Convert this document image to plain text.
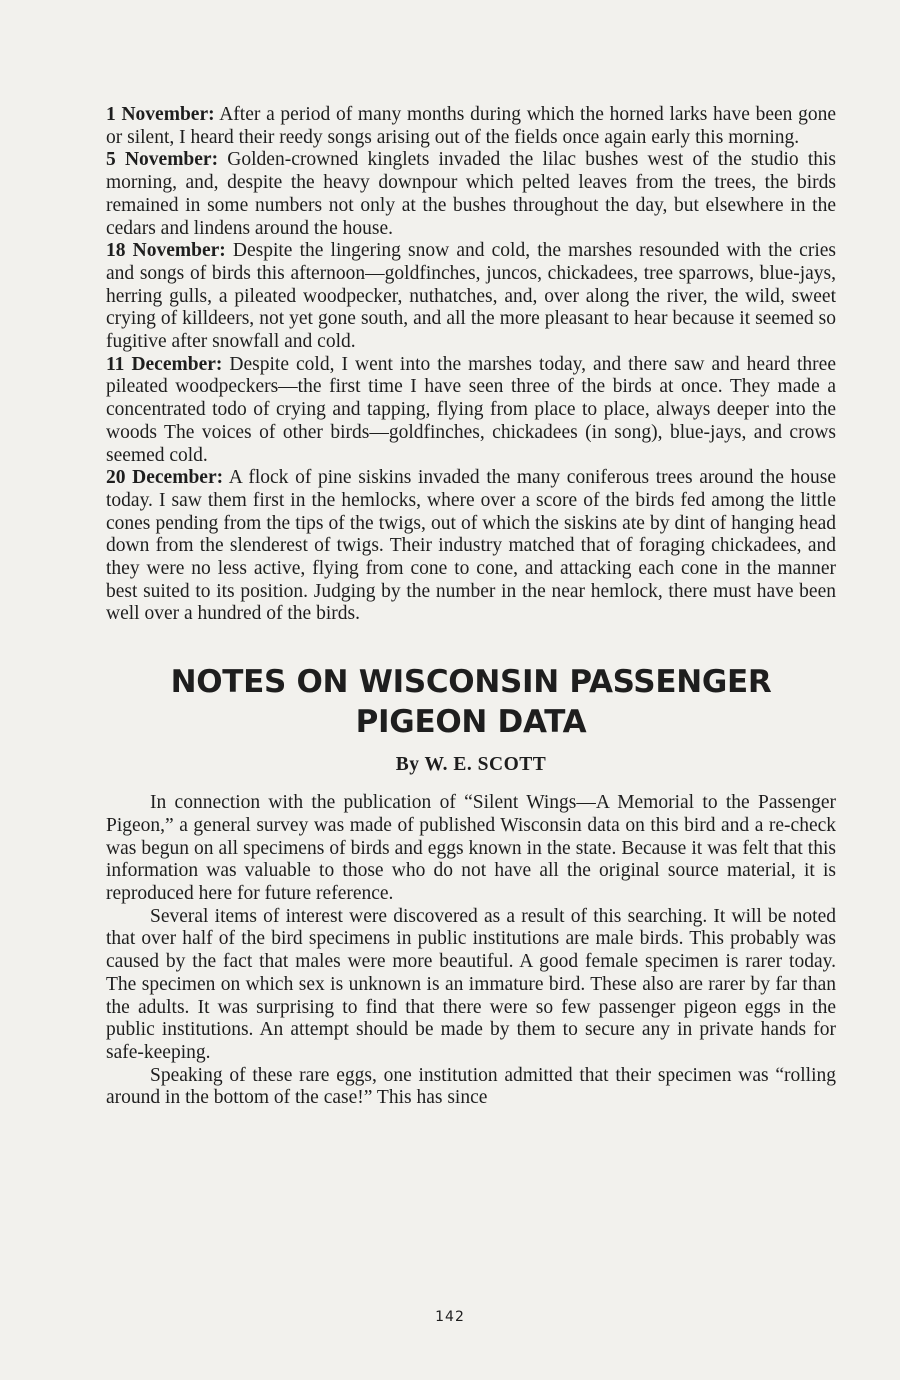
1 November: After a period of many months during which the horned larks have been gone or silent, I heard their reedy songs arising out of the fields once again early this morning.

5 November: Golden-crowned kinglets invaded the lilac bushes west of the studio this morning, and, despite the heavy downpour which pelted leaves from the trees, the birds remained in some numbers not only at the bushes throughout the day, but elsewhere in the cedars and lindens around the house.

18 November: Despite the lingering snow and cold, the marshes resounded with the cries and songs of birds this afternoon—goldfinches, juncos, chickadees, tree sparrows, blue-jays, herring gulls, a pileated woodpecker, nuthatches, and, over along the river, the wild, sweet crying of killdeers, not yet gone south, and all the more pleasant to hear because it seemed so fugitive after snowfall and cold.

11 December: Despite cold, I went into the marshes today, and there saw and heard three pileated woodpeckers—the first time I have seen three of the birds at once. They made a concentrated todo of crying and tapping, flying from place to place, always deeper into the woods The voices of other birds—goldfinches, chickadees (in song), blue-jays, and crows seemed cold.

20 December: A flock of pine siskins invaded the many coniferous trees around the house today. I saw them first in the hemlocks, where over a score of the birds fed among the little cones pending from the tips of the twigs, out of which the siskins ate by dint of hanging head down from the slenderest of twigs. Their industry matched that of foraging chickadees, and they were no less active, flying from cone to cone, and attacking each cone in the manner best suited to its position. Judging by the number in the near hemlock, there must have been well over a hundred of the birds.

NOTES ON WISCONSIN PASSENGER
PIGEON DATA
By W. E. SCOTT

In connection with the publication of “Silent Wings—A Memorial to the Passenger Pigeon,” a general survey was made of published Wisconsin data on this bird and a re-check was begun on all specimens of birds and eggs known in the state. Because it was felt that this information was valuable to those who do not have all the original source material, it is reproduced here for future reference.

Several items of interest were discovered as a result of this searching. It will be noted that over half of the bird specimens in public institutions are male birds. This probably was caused by the fact that males were more beautiful. A good female specimen is rarer today. The specimen on which sex is unknown is an immature bird. These also are rarer by far than the adults. It was surprising to find that there were so few passenger pigeon eggs in the public institutions. An attempt should be made by them to secure any in private hands for safe-keeping.

Speaking of these rare eggs, one institution admitted that their specimen was “rolling around in the bottom of the case!” This has since

142
